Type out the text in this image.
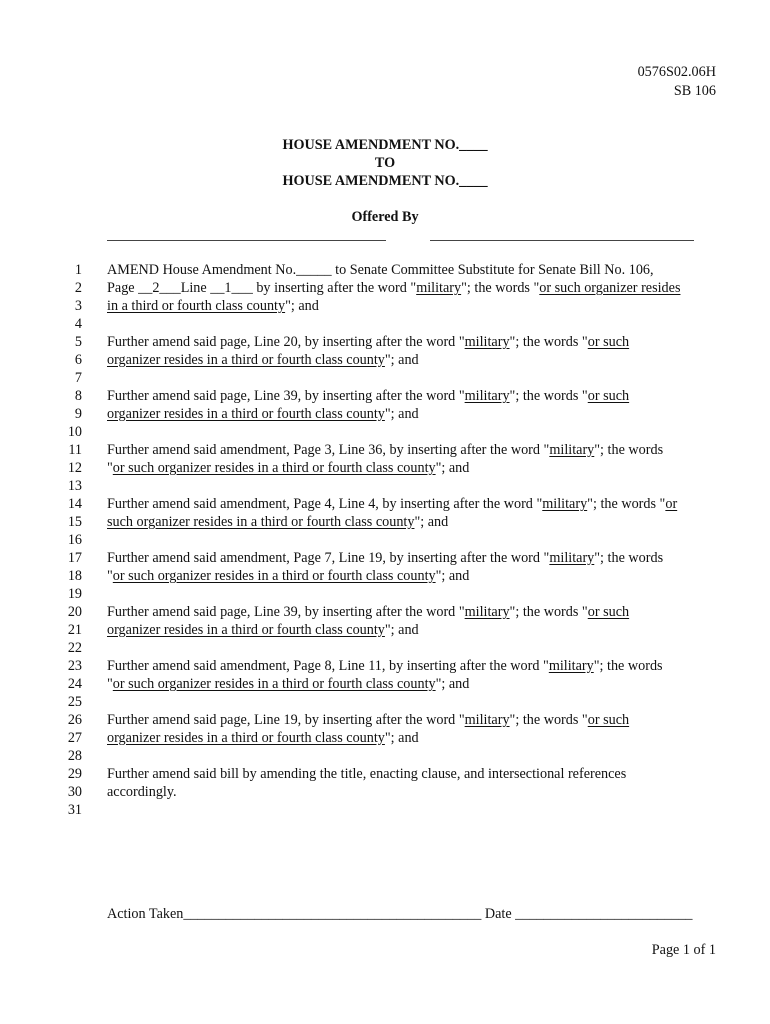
0576S02.06H
SB 106
HOUSE AMENDMENT NO.____
TO
HOUSE AMENDMENT NO.____
Offered By
1
2
3
4
5
6
7
8
9
10
11
12
13
14
15
16
17
18
19
20
21
22
23
24
25
26
27
28
29
30
31
AMEND House Amendment No._____ to Senate Committee Substitute for Senate Bill No. 106,
Page __2___Line __1___ by inserting after the word "military"; the words "or such organizer resides
in a third or fourth class county"; and

Further amend said page, Line 20, by inserting after the word "military"; the words "or such
organizer resides in a third or fourth class county"; and

Further amend said page, Line 39, by inserting after the word "military"; the words "or such
organizer resides in a third or fourth class county"; and

Further amend said amendment, Page 3, Line 36, by inserting after the word "military"; the words
"or such organizer resides in a third or fourth class county"; and

Further amend said amendment, Page 4, Line 4, by inserting after the word "military"; the words "or
such organizer resides in a third or fourth class county"; and

Further amend said amendment, Page 7, Line 19, by inserting after the word "military"; the words
"or such organizer resides in a third or fourth class county"; and

Further amend said page, Line 39, by inserting after the word "military"; the words "or such
organizer resides in a third or fourth class county"; and

Further amend said amendment, Page 8, Line 11, by inserting after the word "military"; the words
"or such organizer resides in a third or fourth class county"; and

Further amend said page, Line 19, by inserting after the word "military"; the words "or such
organizer resides in a third or fourth class county"; and

Further amend said bill by amending the title, enacting clause, and intersectional references
accordingly.

Action Taken__________________________________________ Date _________________________
Page 1 of 1
